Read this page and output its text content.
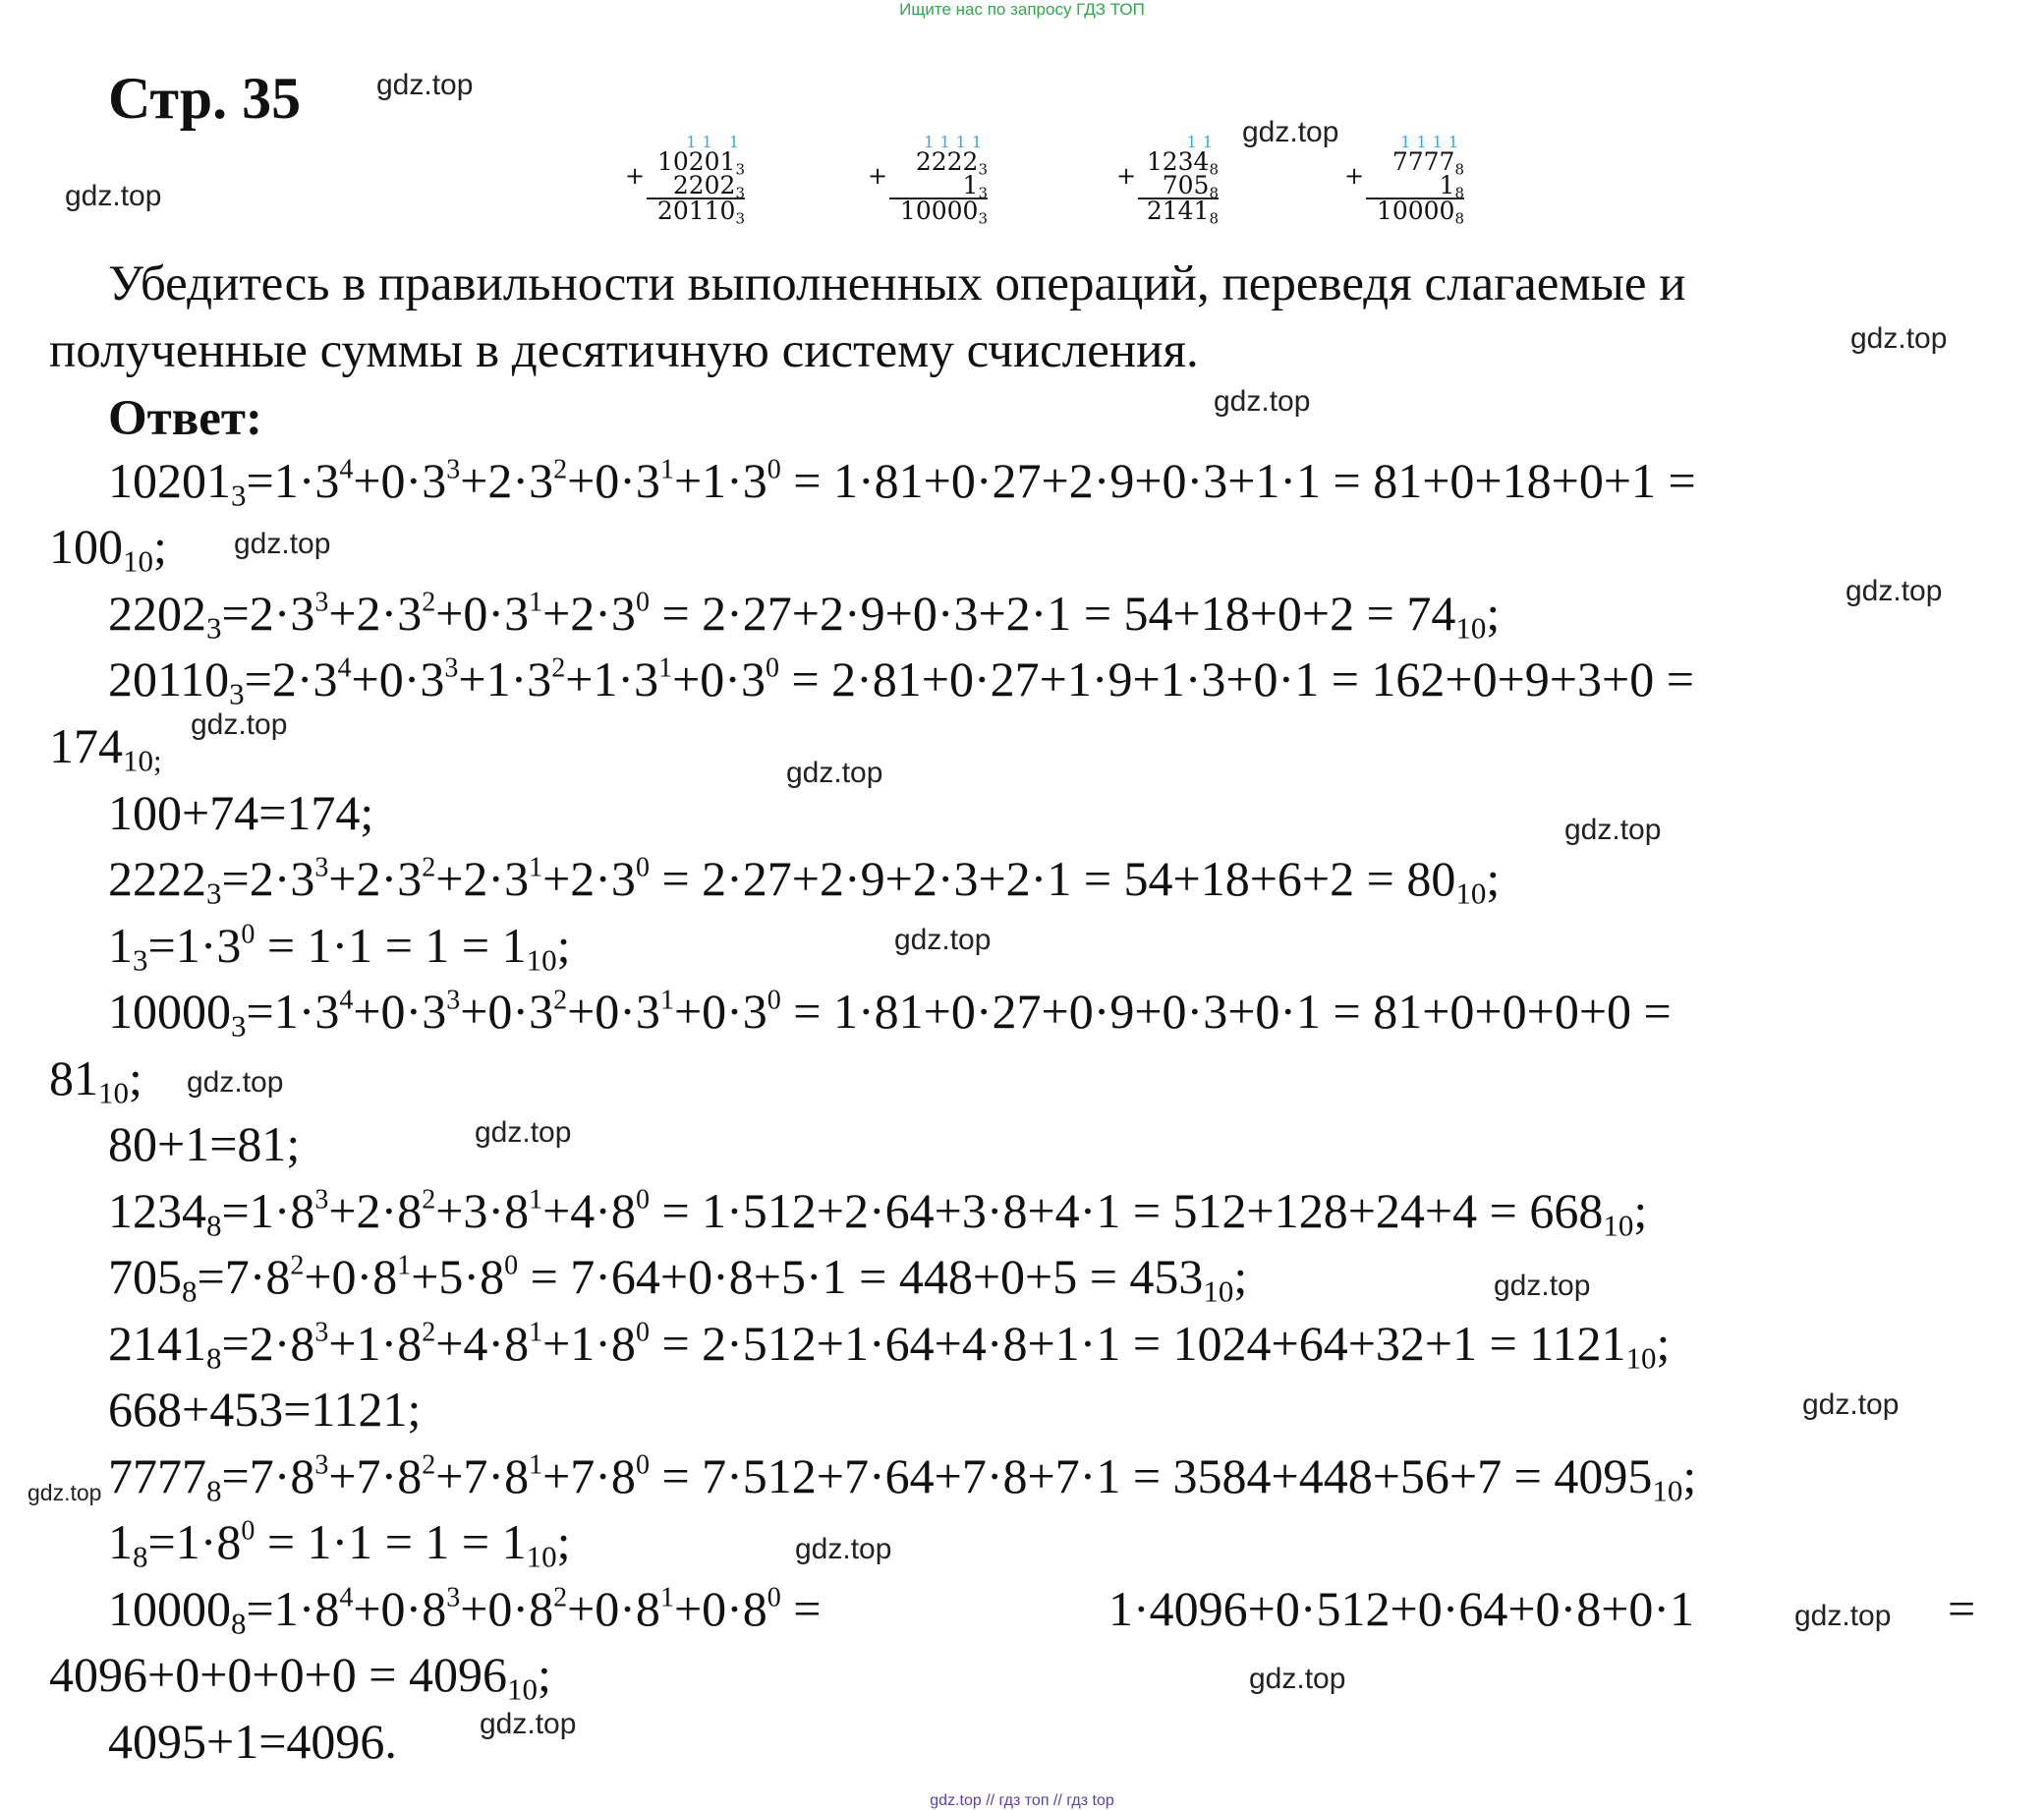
Ищите нас по запросу ГДЗ ТОП
Стр. 35
11 1
$10201_3$
$2202_3$
$20110_3$
+
1111
$2222_3$
$1_3$
$10000_3$
+
11
$1234_8$
$705_8$
$2141_8$
+
1111
$7777_8$
$1_8$
$10000_8$
+
Убедитесь в правильности выполненных операций, переведя слагаемые и
полученные суммы в десятичную систему счисления.
Ответ:
$10201_3=1\cdot 3^4+0\cdot 3^3+2\cdot 3^2+0\cdot 3^1+1\cdot 3^0 = 1\cdot 81+0\cdot 27+2\cdot 9+0\cdot 3+1\cdot 1 = 81+0+18+0+1$ =
$100_{10}$;
$2202_3=2\cdot 3^3+2\cdot 3^2+0\cdot 3^1+2\cdot 3^0 = 2\cdot 27+2\cdot 9+0\cdot 3+2\cdot 1 = 54+18+0+2 = 74_{10}$;
$20110_3=2\cdot 3^4+0\cdot 3^3+1\cdot 3^2+1\cdot 3^1+0\cdot 3^0 = 2\cdot 81+0\cdot 27+1\cdot 9+1\cdot 3+0\cdot 1 = 162+0+9+3+0$ =
$174_{10;}$
100+74=174;
$2222_3=2\cdot 3^3+2\cdot 3^2+2\cdot 3^1+2\cdot 3^0 = 2\cdot 27+2\cdot 9+2\cdot 3+2\cdot 1 = 54+18+6+2 = 80_{10}$;
$1_3=1\cdot 3^0 = 1\cdot 1 = 1 = 1_{10}$;
$10000_3=1\cdot 3^4+0\cdot 3^3+0\cdot 3^2+0\cdot 3^1+0\cdot 3^0 = 1\cdot 81+0\cdot 27+0\cdot 9+0\cdot 3+0\cdot 1 = 81+0+0+0+0$ =
$81_{10}$;
80+1=81;
$1234_8=1\cdot 8^3+2\cdot 8^2+3\cdot 8^1+4\cdot 8^0 = 1\cdot 512+2\cdot 64+3\cdot 8+4\cdot 1 = 512+128+24+4 = 668_{10}$;
$705_8=7\cdot 8^2+0\cdot 8^1+5\cdot 8^0 = 7\cdot 64+0\cdot 8+5\cdot 1 = 448+0+5 = 453_{10}$;
$2141_8=2\cdot 8^3+1\cdot 8^2+4\cdot 8^1+1\cdot 8^0 = 2\cdot 512+1\cdot 64+4\cdot 8+1\cdot 1 = 1024+64+32+1 = 1121_{10}$;
668+453=1121;
$7777_8=7\cdot 8^3+7\cdot 8^2+7\cdot 8^1+7\cdot 8^0 = 7\cdot 512+7\cdot 64+7\cdot 8+7\cdot 1 = 3584+448+56+7 = 4095_{10}$;
$1_8=1\cdot 8^0 = 1\cdot 1 = 1 = 1_{10}$;
$10000_8=1\cdot 8^4+0\cdot 8^3+0\cdot 8^2+0\cdot 8^1+0\cdot 8^0$ =	1·4096+0·512+0·64+0·8+0·1	=
$4096+0+0+0+0 = 4096_{10}$;
4095+1=4096.
gdz.top
gdz.top
gdz.top
gdz.top
gdz.top
gdz.top
gdz.top
gdz.top
gdz.top
gdz.top
gdz.top
gdz.top
gdz.top
gdz.top
gdz.top
gdz.top
gdz.top
gdz.top
gdz.top
gdz.top
gdz.top // гдз топ // гдз top
